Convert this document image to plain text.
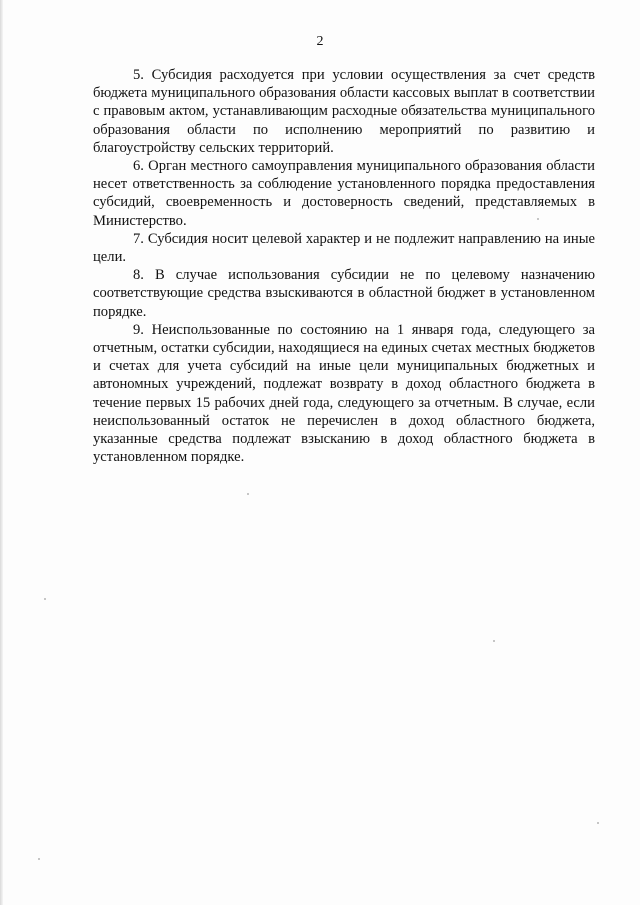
2

5. Субсидия расходуется при условии осуществления за счет средств бюджета муниципального образования области кассовых выплат в соответствии с правовым актом, устанавливающим расходные обязательства муниципального образования области по исполнению мероприятий по развитию и благоустройству сельских территорий.

6. Орган местного самоуправления муниципального образования области несет ответственность за соблюдение установленного порядка предоставления субсидий, своевременность и достоверность сведений, представляемых в Министерство.

7. Субсидия носит целевой характер и не подлежит направлению на иные цели.

8. В случае использования субсидии не по целевому назначению соответствующие средства взыскиваются в областной бюджет в установленном порядке.

9. Неиспользованные по состоянию на 1 января года, следующего за отчетным, остатки субсидии, находящиеся на единых счетах местных бюджетов и счетах для учета субсидий на иные цели муниципальных бюджетных и автономных учреждений, подлежат возврату в доход областного бюджета в течение первых 15 рабочих дней года, следующего за отчетным. В случае, если неиспользованный остаток не перечислен в доход областного бюджета, указанные средства подлежат взысканию в доход областного бюджета в установленном порядке.
